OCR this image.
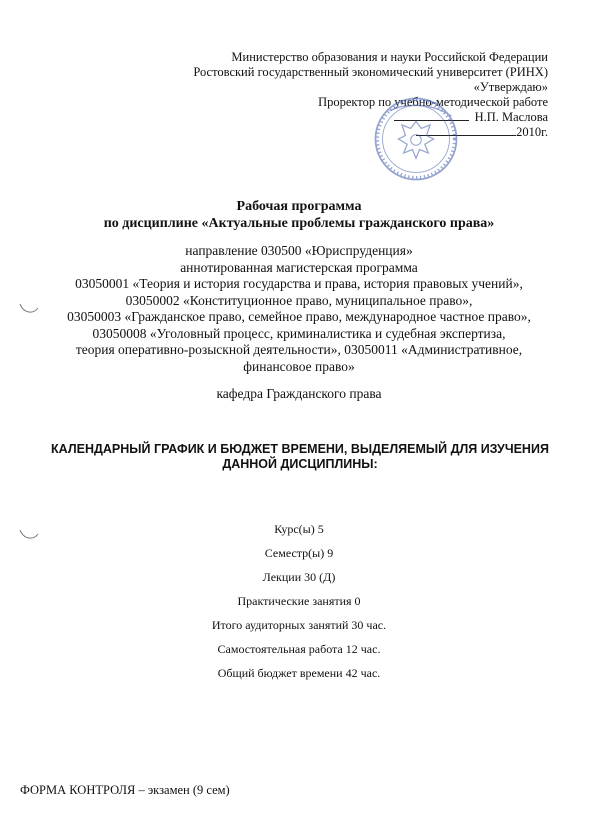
Министерство образования и науки Российской Федерации
Ростовский государственный экономический университет (РИНХ)
«Утверждаю»
Проректор по учебно-методической работе
Н.П. Маслова
2010г.
Рабочая программа
по дисциплине «Актуальные проблемы гражданского права»
направление 030500 «Юриспруденция»
аннотированная магистерская программа
03050001 «Теория и история государства и права, история правовых учений»,
03050002 «Конституционное право, муниципальное право»,
03050003 «Гражданское право, семейное право, международное частное право»,
03050008 «Уголовный процесс, криминалистика и судебная экспертиза,
теория оперативно-розыскной деятельности», 03050011 «Административное,
финансовое право»
кафедра Гражданского права
КАЛЕНДАРНЫЙ ГРАФИК И БЮДЖЕТ ВРЕМЕНИ, ВЫДЕЛЯЕМЫЙ ДЛЯ ИЗУЧЕНИЯ
ДАННОЙ ДИСЦИПЛИНЫ:
Курс(ы) 5
Семестр(ы) 9
Лекции 30 (Д)
Практические занятия 0
Итого аудиторных занятий 30 час.
Самостоятельная работа 12 час.
Общий бюджет времени 42 час.
ФОРМА КОНТРОЛЯ – экзамен (9 сем)
